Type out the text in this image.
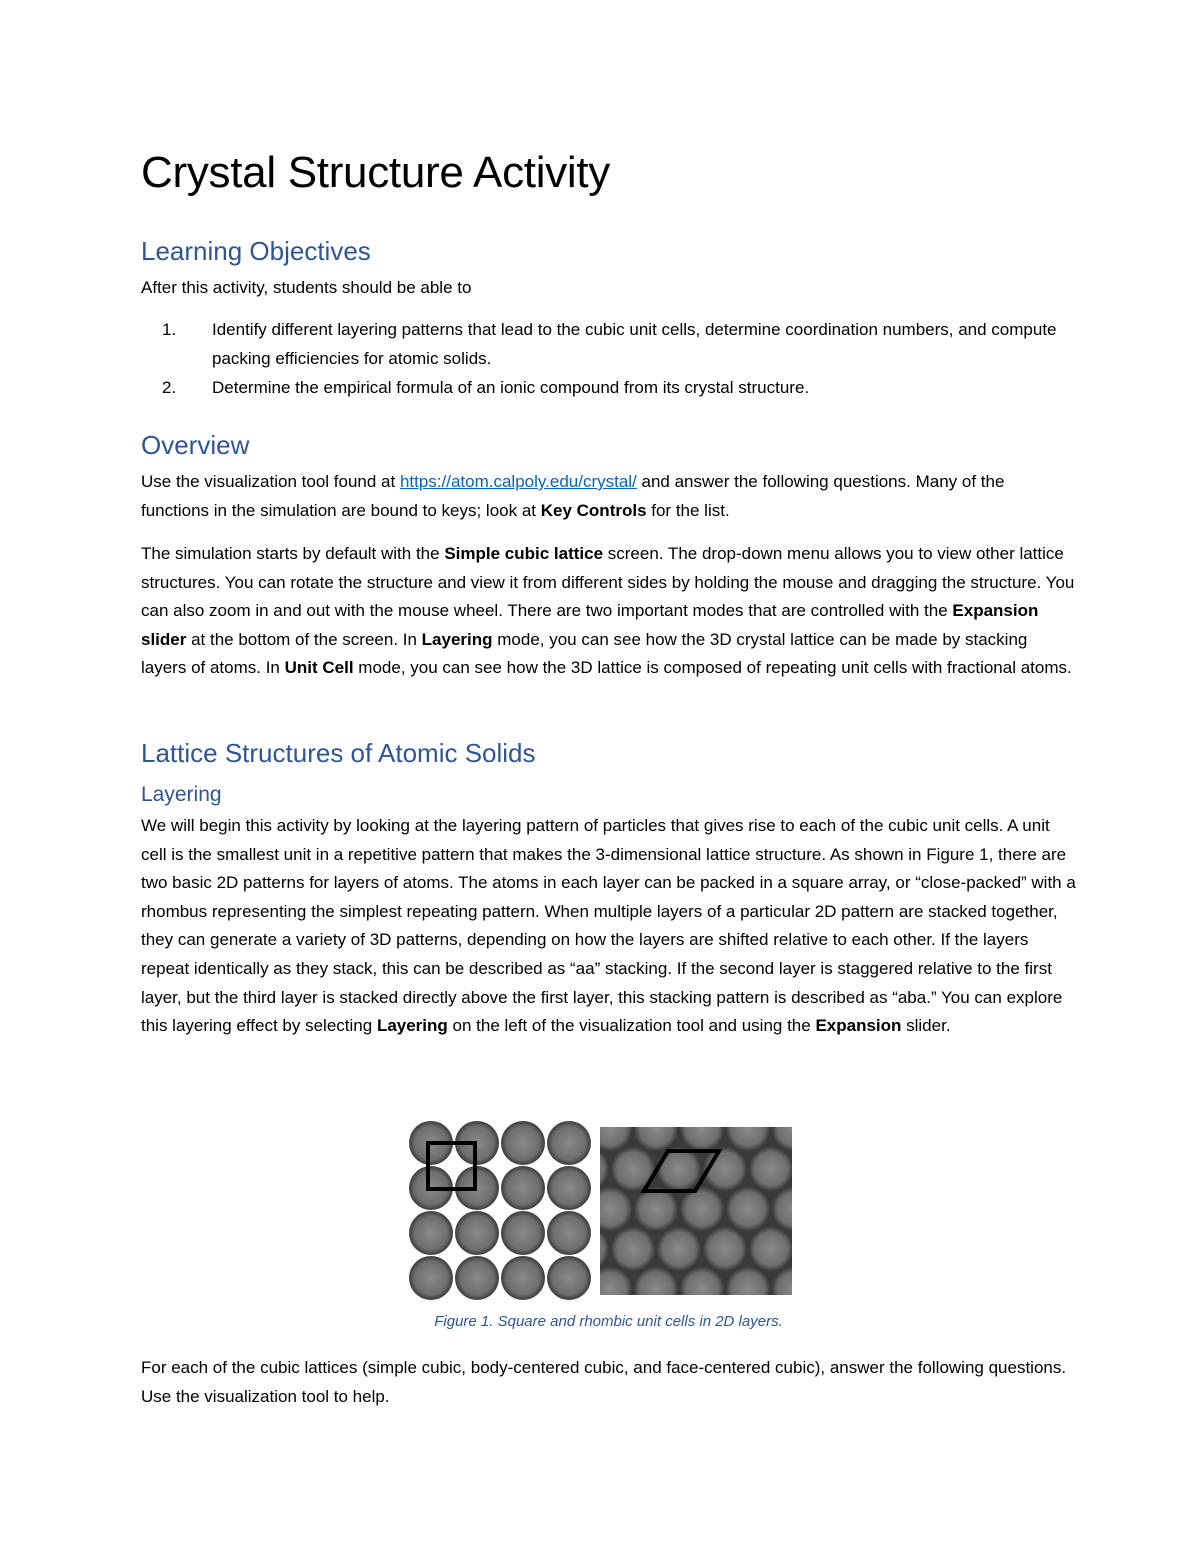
Crystal Structure Activity
Learning Objectives

After this activity, students should be able to

1. Identify different layering patterns that lead to the cubic unit cells, determine coordination numbers, and compute packing efficiencies for atomic solids.
2. Determine the empirical formula of an ionic compound from its crystal structure.
Overview

Use the visualization tool found at https://atom.calpoly.edu/crystal/ and answer the following questions. Many of the functions in the simulation are bound to keys; look at Key Controls for the list.

The simulation starts by default with the Simple cubic lattice screen. The drop-down menu allows you to view other lattice structures. You can rotate the structure and view it from different sides by holding the mouse and dragging the structure. You can also zoom in and out with the mouse wheel. There are two important modes that are controlled with the Expansion slider at the bottom of the screen. In Layering mode, you can see how the 3D crystal lattice can be made by stacking layers of atoms. In Unit Cell mode, you can see how the 3D lattice is composed of repeating unit cells with fractional atoms.

Lattice Structures of Atomic Solids
Layering

We will begin this activity by looking at the layering pattern of particles that gives rise to each of the cubic unit cells. A unit cell is the smallest unit in a repetitive pattern that makes the 3-dimensional lattice structure. As shown in Figure 1, there are two basic 2D patterns for layers of atoms. The atoms in each layer can be packed in a square array, or “close-packed” with a rhombus representing the simplest repeating pattern. When multiple layers of a particular 2D pattern are stacked together, they can generate a variety of 3D patterns, depending on how the layers are shifted relative to each other. If the layers repeat identically as they stack, this can be described as “aa” stacking. If the second layer is staggered relative to the first layer, but the third layer is stacked directly above the first layer, this stacking pattern is described as “aba.” You can explore this layering effect by selecting Layering on the left of the visualization tool and using the Expansion slider.

Figure 1. Square and rhombic unit cells in 2D layers.

For each of the cubic lattices (simple cubic, body-centered cubic, and face-centered cubic), answer the following questions. Use the visualization tool to help.
